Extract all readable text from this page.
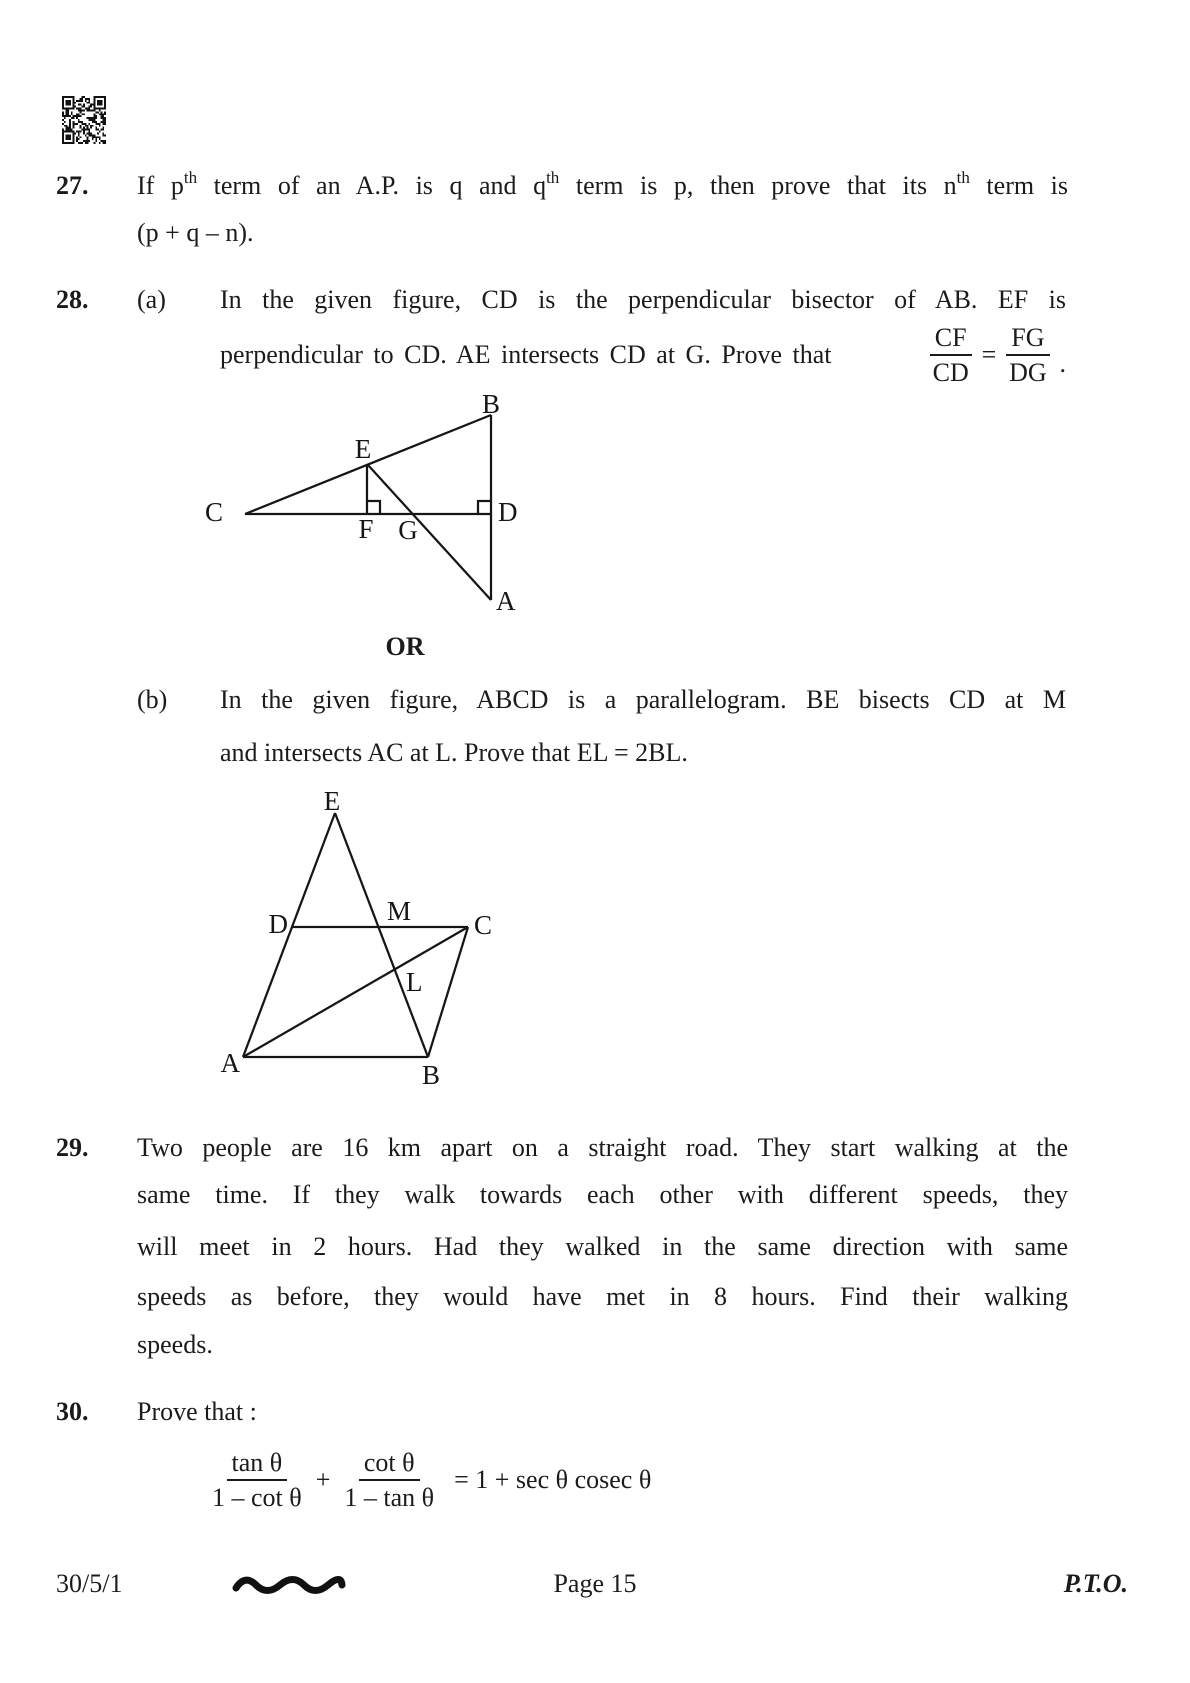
27. If $p^{th}$ term of an A.P. is q and $q^{th}$ term is p, then prove that its $n^{th}$ term is
(p + q – n).
28. (a) In the given figure, CD is the perpendicular bisector of AB. EF is
perpendicular to CD. AE intersects CD at G. Prove that	$\frac{CF}{CD} = \frac{FG}{DG}$ .
B
E
C	D
F G
A
OR
(b) In the given figure, ABCD is a parallelogram. BE bisects CD at M
and intersects AC at L. Prove that EL = 2BL.
E
D	M C
L
A	B
29. Two people are 16 km apart on a straight road. They start walking at the
same time. If they walk towards each other with different speeds, they
will meet in 2 hours. Had they walked in the same direction with same
speeds as before, they would have met in 8 hours. Find their walking
speeds.
30. Prove that :
$\frac{\text{tan θ}}{\text{1 – cot θ}} + \frac{\text{cot θ}}{\text{1 – tan θ}} = 1 + \sec \theta$ cosec θ
30/5/1	Page 15	P.T.O.
